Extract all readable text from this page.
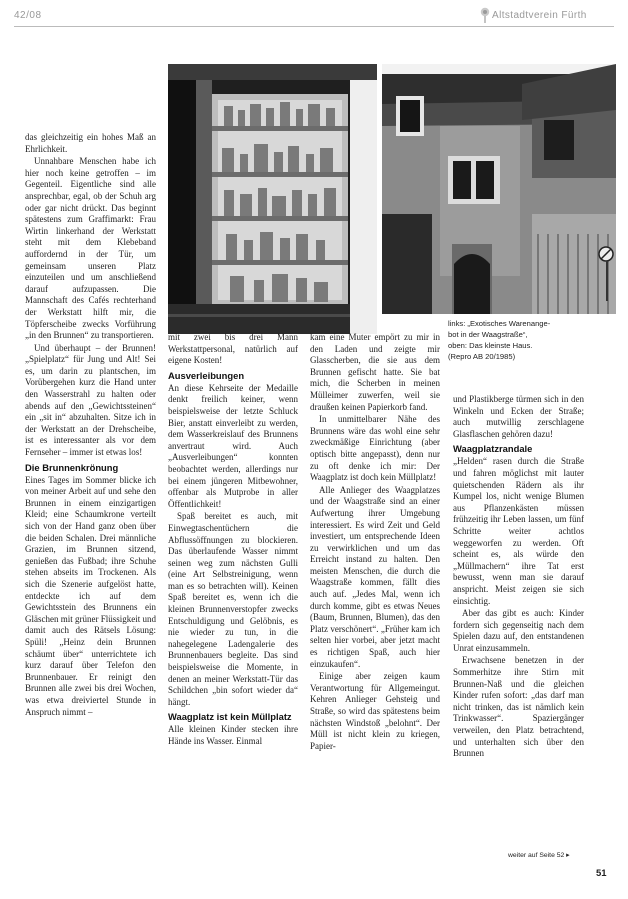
42/08	Altstadtverein Fürth
links: „Exotisches Warenange-
bot in der Waagstraße“,
oben: Das kleinste Haus.
(Repro AB 20/1985)

das gleichzeitig ein hohes Maß an Ehrlichkeit.

Unnahbare Menschen habe ich hier noch keine getroffen – im Gegenteil. Eigentliche sind alle ansprechbar, egal, ob der Schuh arg oder gar nicht drückt. Das beginnt spätestens zum Graffimarkt: Frau Wirtin linkerhand der Werkstatt steht mit dem Klebeband auffordernd in der Tür, um gemeinsam unseren Platz einzuteilen und um anschließend darauf aufzupassen. Die Mannschaft des Cafés rechterhand der Werkstatt hilft mir, die Töpferscheibe zwecks Vorführung „in den Brunnen“ zu transportieren.

Und überhaupt – der Brunnen! „Spielplatz“ für Jung und Alt! Sei es, um darin zu plantschen, im Vorübergehen kurz die Hand unter den Wasserstrahl zu halten oder abends auf den „Gewichtssteinen“ ein „sit in“ abzuhalten. Sitze ich in der Werkstatt an der Drehscheibe, ist es interessanter als vor dem Fernseher – immer ist etwas los!

Die Brunnenkrönung

Eines Tages im Sommer blicke ich von meiner Arbeit auf und sehe den Brunnen in einem einzigartigen Kleid; eine Schaumkrone verteilt sich von der Hand ganz oben über die beiden Schalen. Drei männliche Grazien, im Brunnen sitzend, genießen das Fußbad; ihre Schuhe stehen abseits im Trockenen. Als sich die Szenerie aufgelöst hatte, entdeckte ich auf dem Gewichtsstein des Brunnens ein Gläschen mit grüner Flüssigkeit und damit auch des Rätsels Lösung: Spüli! „Heinz dein Brunnen schäumt über“ unterrichtete ich kurz darauf über Telefon den Brunnenbauer. Er reinigt den Brunnen alle zwei bis drei Wochen, was etwa dreiviertel Stunde in Anspruch nimmt –

mit zwei bis drei Mann Werkstattpersonal, natürlich auf eigene Kosten!

Ausverleibungen

An diese Kehrseite der Medaille denkt freilich keiner, wenn beispielsweise der letzte Schluck Bier, anstatt einverleibt zu werden, dem Wasserkreislauf des Brunnens anvertraut wird. Auch „Ausverleibungen“ konnten beobachtet werden, allerdings nur bei einem jüngeren Mitbewohner, offenbar als Mutprobe in aller Öffentlichkeit!

Spaß bereitet es auch, mit Einwegtaschentüchern die Abflussöffnungen zu blockieren. Das überlaufende Wasser nimmt seinen weg zum nächsten Gulli (eine Art Selbstreinigung, wenn man es so betrachten will). Keinen Spaß bereitet es, wenn ich die kleinen Brunnenverstopfer zwecks Entschuldigung und Gelöbnis, es nie wieder zu tun, in die nahegelegene Ladengalerie des Brunnenbauers begleite. Das sind beispielsweise die Momente, in denen an meiner Werkstatt-Tür das Schildchen „bin sofort wieder da“ hängt.

Waagplatz ist kein Müllplatz

Alle kleinen Kinder stecken ihre Hände ins Wasser. Einmal

kam eine Muter empört zu mir in den Laden und zeigte mir Glasscherben, die sie aus dem Brunnen gefischt hatte. Sie bat mich, die Scherben in meinen Mülleimer zuwerfen, weil sie draußen keinen Papierkorb fand.

In unmittelbarer Nähe des Brunnens wäre das wohl eine sehr zweckmäßige Einrichtung (aber optisch bitte angepasst), denn nur zu oft denke ich mir: Der Waagplatz ist doch kein Müllplatz!

Alle Anlieger des Waagplatzes und der Waagstraße sind an einer Aufwertung ihrer Umgebung interessiert. Es wird Zeit und Geld investiert, um entsprechende Ideen zu verwirklichen und um das Erreicht instand zu halten. Den meisten Menschen, die durch die Waagstraße kommen, fällt dies auch auf. „Jedes Mal, wenn ich durch komme, gibt es etwas Neues (Baum, Brunnen, Blumen), das den Platz verschönert“. „Früher kam ich selten hier vorbei, aber jetzt macht es richtigen Spaß, auch hier einzukaufen“.

Einige aber zeigen kaum Verantwortung für Allgemeingut. Kehren Anlieger Gehsteig und Straße, so wird das spätestens beim nächsten Windstoß „belohnt“. Der Müll ist nicht klein zu kriegen, Papier-

und Plastikberge türmen sich in den Winkeln und Ecken der Straße; auch mutwillig zerschlagene Glasflaschen gehören dazu!

Waagplatzrandale

„Helden“ rasen durch die Straße und fahren möglichst mit lauter quietschenden Rädern als ihr Kumpel los, nicht wenige Blumen aus Pflanzenkästen müssen frühzeitig ihr Leben lassen, um fünf Schritte weiter achtlos weggeworfen zu werden. Oft scheint es, als würde den „Müllmachern“ ihre Tat erst bewusst, wenn man sie darauf anspricht. Meist zeigen sie sich einsichtig.

Aber das gibt es auch: Kinder fordern sich gegenseitig nach dem Spielen dazu auf, den entstandenen Unrat einzusammeln.

Erwachsene benetzen in der Sommerhitze ihre Stirn mit Brunnen-Naß und die gleichen Kinder rufen sofort: „das darf man nicht trinken, das ist nämlich kein Trinkwasser“. Spaziergänger verweilen, den Platz betrachtend, und unterhalten sich über den Brunnen

weiter auf Seite 52 ▸
51
